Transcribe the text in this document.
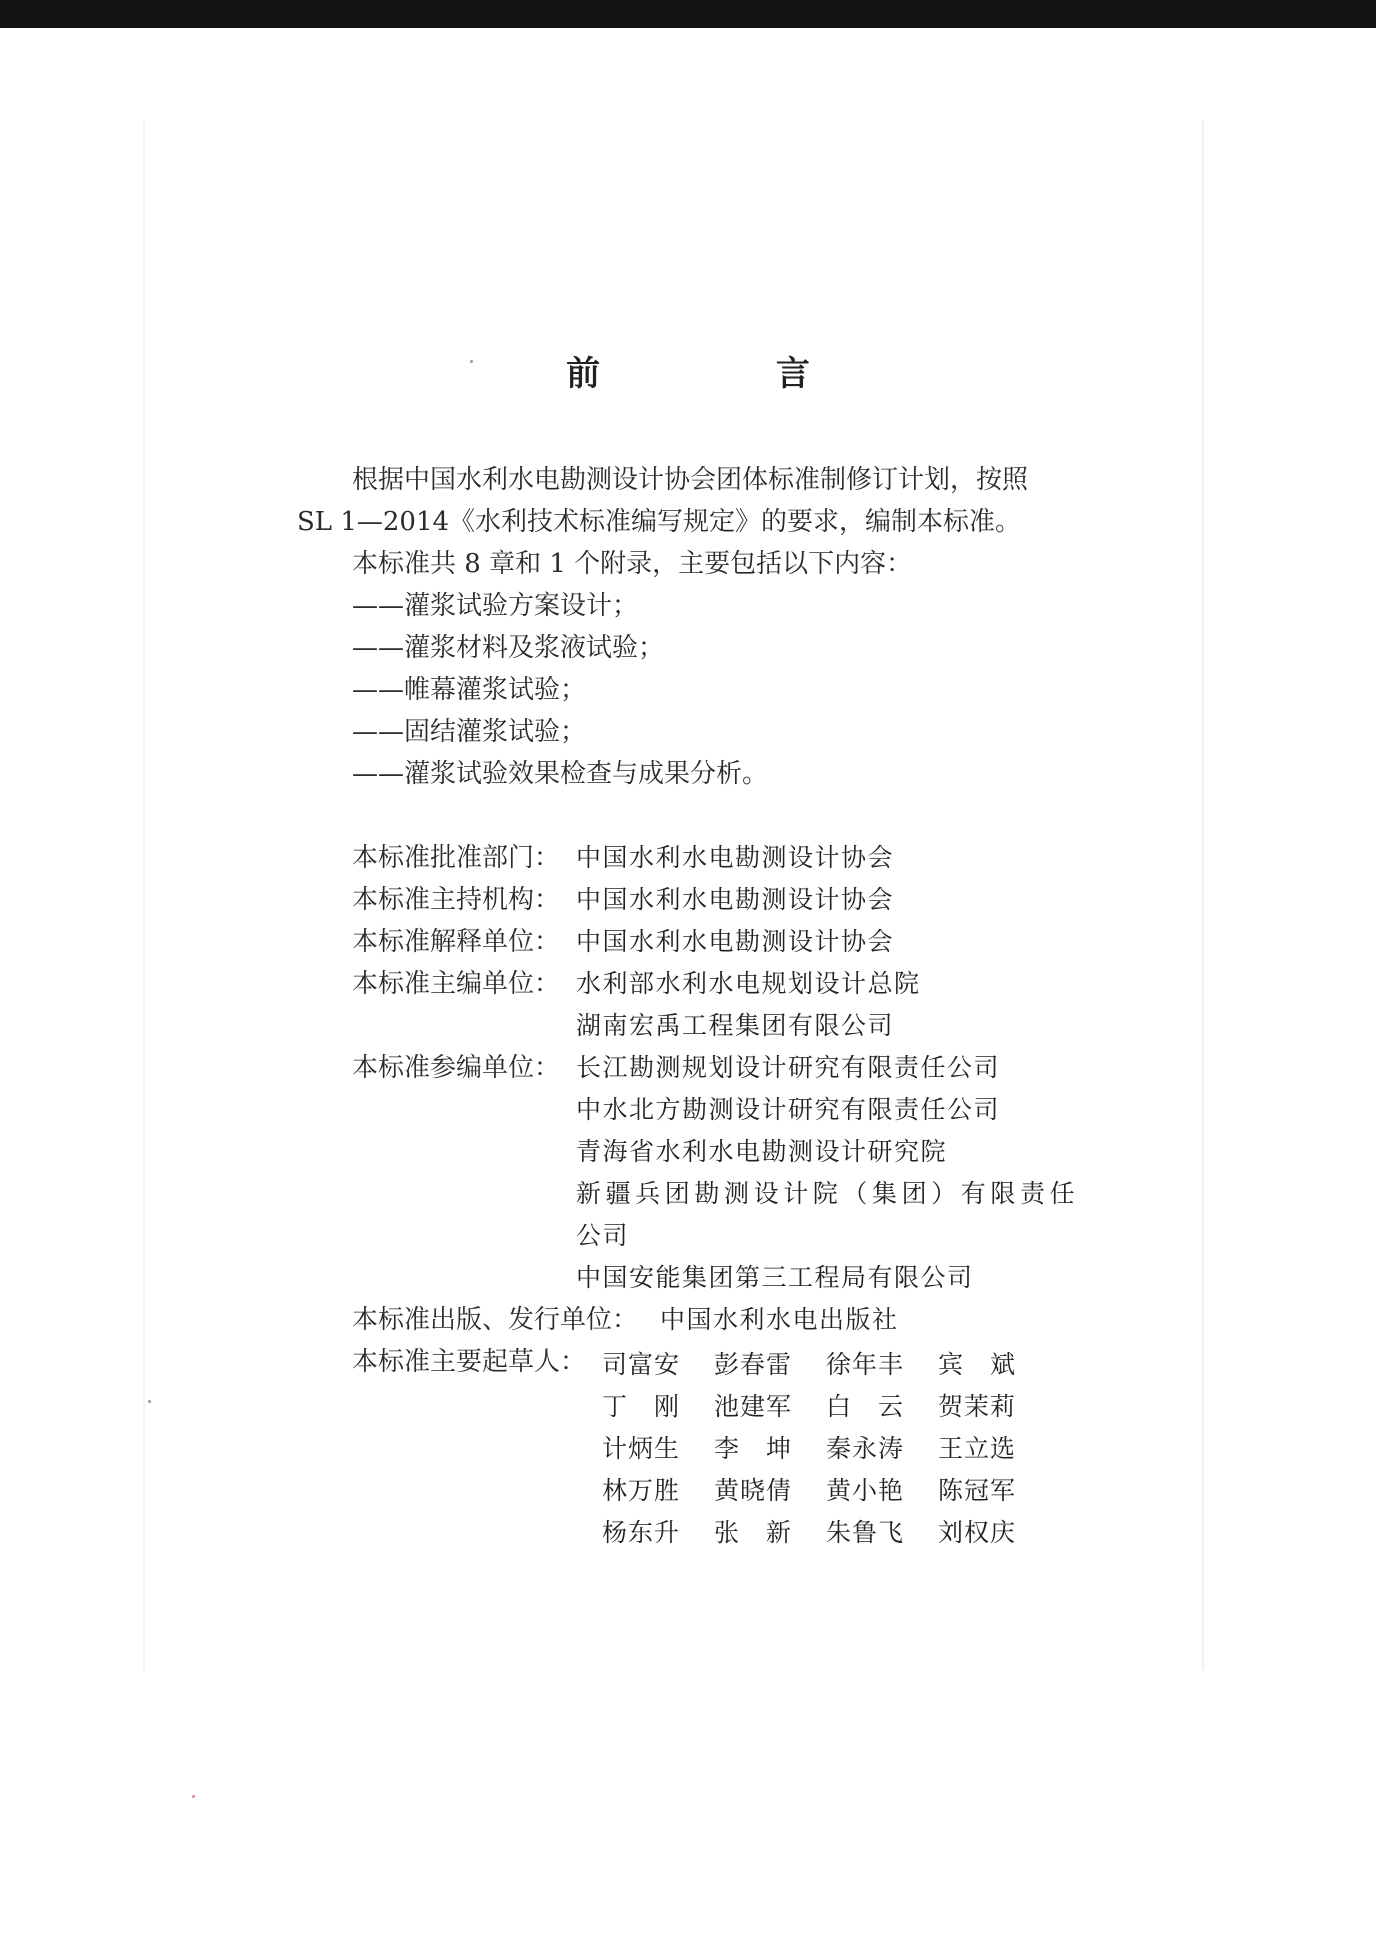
前 言
根据中国水利水电勘测设计协会团体标准制修订计划，按照
SL 1—2014《水利技术标准编写规定》的要求，编制本标准。
本标准共 8 章和 1 个附录，主要包括以下内容：
——灌浆试验方案设计；
——灌浆材料及浆液试验；
——帷幕灌浆试验；
——固结灌浆试验；
——灌浆试验效果检查与成果分析。
本标准批准部门： 中国水利水电勘测设计协会
本标准主持机构： 中国水利水电勘测设计协会
本标准解释单位： 中国水利水电勘测设计协会
本标准主编单位： 水利部水利水电规划设计总院
湖南宏禹工程集团有限公司
本标准参编单位： 长江勘测规划设计研究有限责任公司
中水北方勘测设计研究有限责任公司
青海省水利水电勘测设计研究院
新疆兵团勘测设计院（集团）有限责任
公司
中国安能集团第三工程局有限公司
本标准出版、发行单位： 中国水利水电出版社
本标准主要起草人： 司富安 彭春雷 徐年丰 宾　斌
丁　刚 池建军 白　云 贺茉莉
计炳生 李　坤 秦永涛 王立选
林万胜 黄晓倩 黄小艳 陈冠军
杨东升 张　新 朱鲁飞 刘权庆
